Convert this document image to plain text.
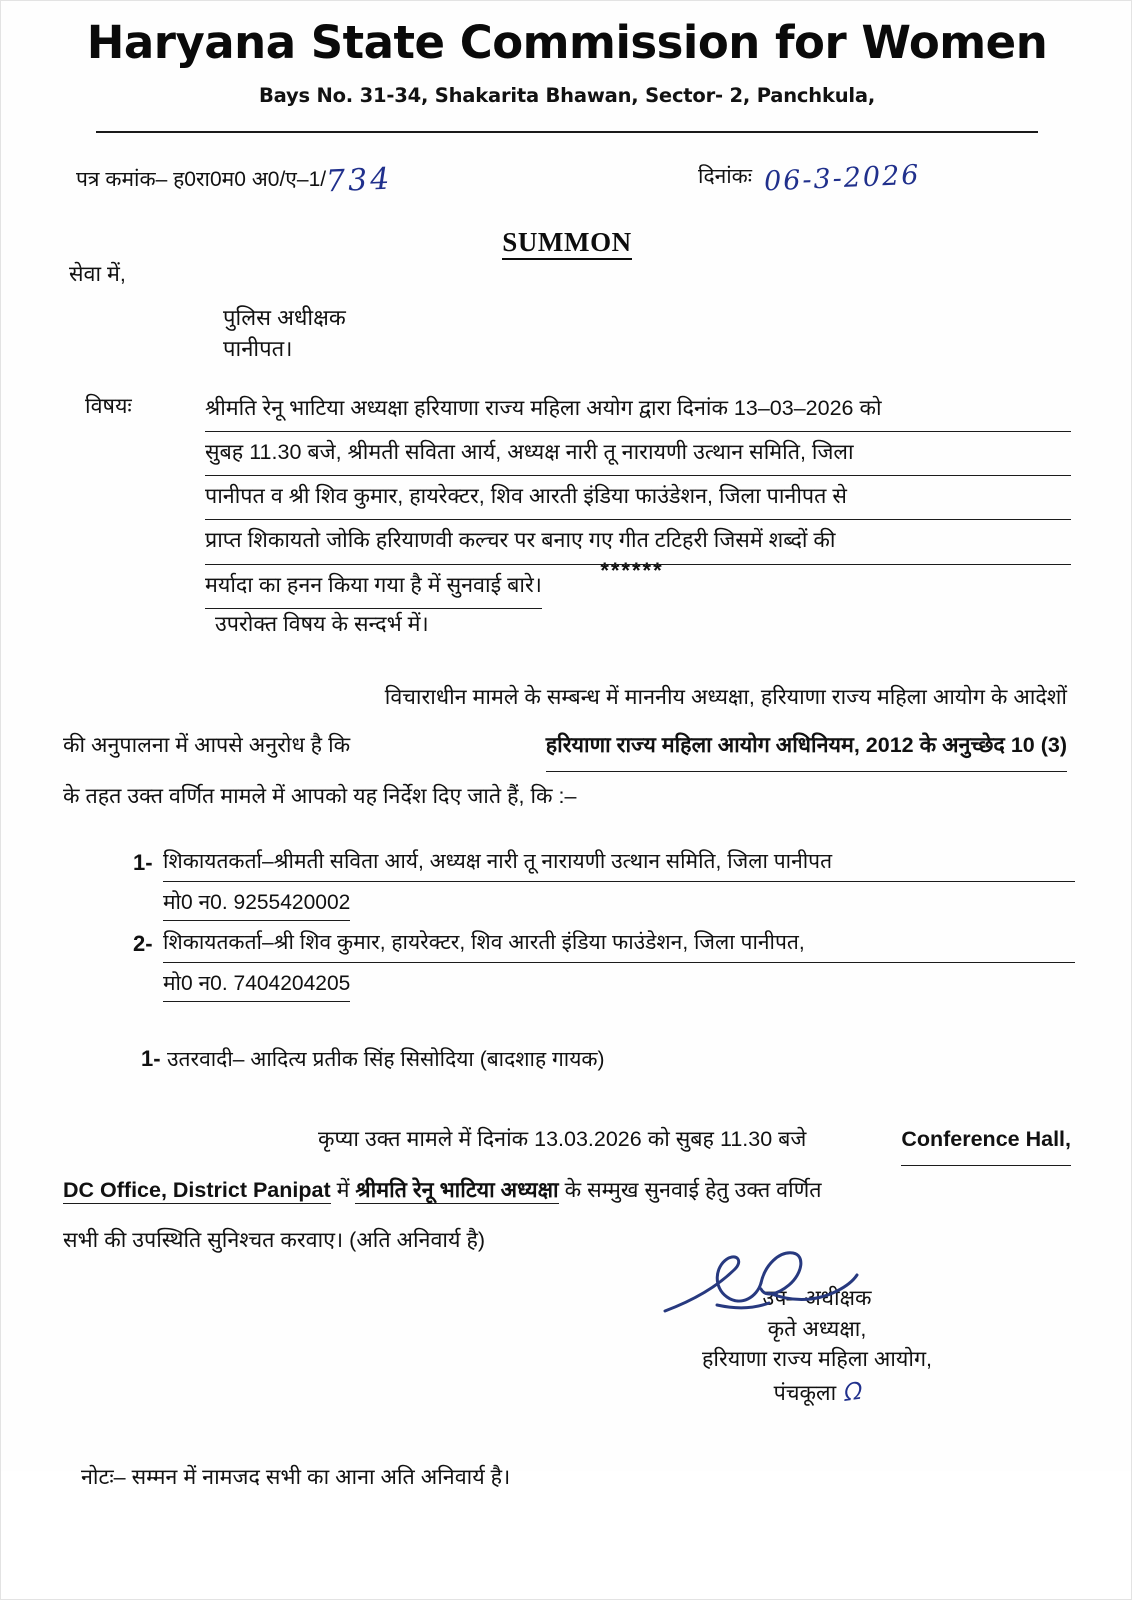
Haryana State Commission for Women
Bays No. 31-34, Shakarita Bhawan, Sector- 2, Panchkula,
पत्र कमांक– ह0रा0म0 अ0/ए–1/734	दिनांकः 06-3-2026
SUMMON
सेवा में,
पुलिस अधीक्षक
पानीपत।
विषयः	श्रीमति रेनू भाटिया अध्यक्षा हरियाणा राज्य महिला अयोग द्वारा दिनांक 13–03–2026 को
सुबह 11.30 बजे, श्रीमती सविता आर्य, अध्यक्ष नारी तू नारायणी उत्थान समिति, जिला
पानीपत व श्री शिव कुमार, हायरेक्टर, शिव आरती इंडिया फाउंडेशन, जिला पानीपत से
प्राप्त शिकायतो जोकि हरियाणवी कल्चर पर बनाए गए गीत टटिहरी जिसमें शब्दों की
मर्यादा का हनन किया गया है में सुनवाई बारे।
******
उपरोक्त विषय के सन्दर्भ में।
विचाराधीन मामले के सम्बन्ध में माननीय अध्यक्षा, हरियाणा राज्य महिला आयोग के आदेशों
की अनुपालना में आपसे अनुरोध है कि	हरियाणा राज्य महिला आयोग अधिनियम, 2012 के अनुच्छेद 10 (3)
के तहत उक्त वर्णित मामले में आपको यह निर्देश दिए जाते हैं, कि :–
1- शिकायतकर्ता–श्रीमती सविता आर्य, अध्यक्ष नारी तू नारायणी उत्थान समिति, जिला पानीपत
मो0 न0. 9255420002
2- शिकायतकर्ता–श्री शिव कुमार, हायरेक्टर, शिव आरती इंडिया फाउंडेशन, जिला पानीपत,
मो0 न0. 7404204205
1- उतरवादी– आदित्य प्रतीक सिंह सिसोदिया (बादशाह गायक)
कृप्या उक्त मामले में दिनांक 13.03.2026 को सुबह 11.30 बजे	Conference Hall,
DC Office, District Panipat में श्रीमति रेनू भाटिया अध्यक्षा के सम्मुख सुनवाई हेतु उक्त वर्णित
सभी की उपस्थिति सुनिश्चत करवाए। (अति अनिवार्य है)
उप– अधीक्षक
कृते अध्यक्षा,
हरियाणा राज्य महिला आयोग,
पंचकूला ᘯ
नोटः– सम्मन में नामजद सभी का आना अति अनिवार्य है।
